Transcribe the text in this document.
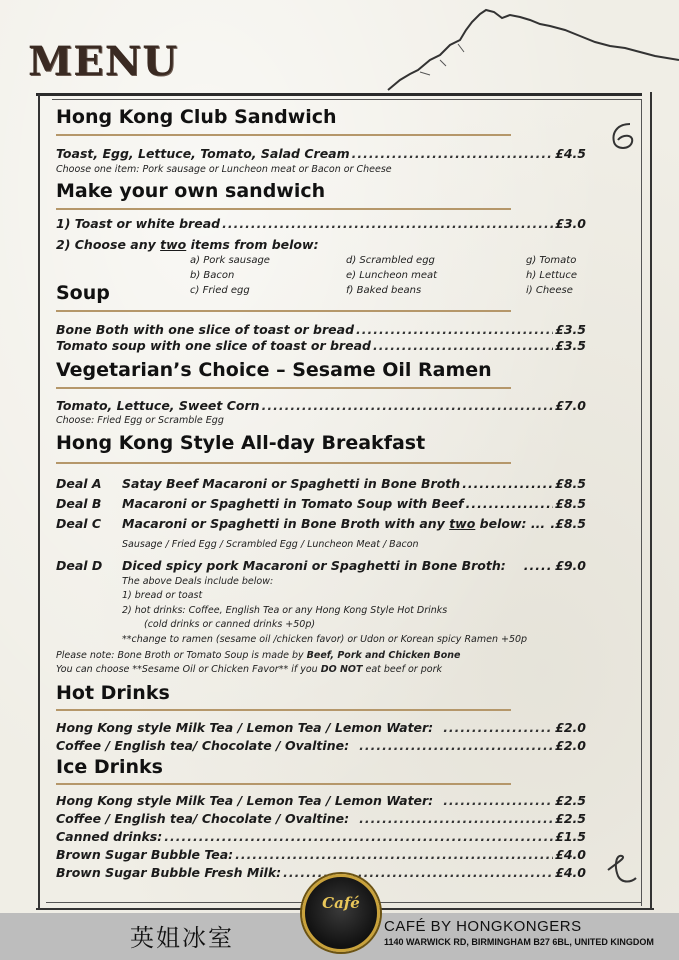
MENU
Hong Kong Club Sandwich
Toast, Egg, Lettuce, Tomato, Salad Cream .....	£4.5
Choose one item: Pork sausage or Luncheon meat or Bacon or Cheese
Make your own sandwich
1) Toast or white bread .....	£3.0
2) Choose any two items from below:
a) Pork sausage
b) Bacon
c) Fried egg
d) Scrambled egg
e) Luncheon meat
f) Baked beans
g) Tomato
h) Lettuce
i) Cheese
Soup
Bone Both with one slice of toast or bread .....	£3.5
Tomato soup with one slice of toast or bread .....	£3.5
Vegetarian’s Choice – Sesame Oil Ramen
Tomato, Lettuce, Sweet Corn .....	£7.0
Choose: Fried Egg or Scramble Egg
Hong Kong Style All-day Breakfast
Deal A	Satay Beef Macaroni or Spaghetti in Bone Broth .....	£8.5
Deal B	Macaroni or Spaghetti in Tomato Soup with Beef .....	£8.5
Deal C	Macaroni or Spaghetti in Bone Broth with any two below: ... .£8.5
Sausage / Fried Egg / Scrambled Egg / Luncheon Meat / Bacon
Deal D	Diced spicy pork Macaroni or Spaghetti in Bone Broth: .....	£9.0
The above Deals include below:
1) bread or toast
2) hot drinks: Coffee, English Tea or any Hong Kong Style Hot Drinks
(cold drinks or canned drinks +50p)
**change to ramen (sesame oil /chicken favor) or Udon or Korean spicy Ramen +50p
Please note: Bone Broth or Tomato Soup is made by Beef, Pork and Chicken Bone
You can choose **Sesame Oil or Chicken Favor** if you DO NOT eat beef or pork
Hot Drinks
Hong Kong style Milk Tea / Lemon Tea / Lemon Water: .....	£2.0
Coffee / English tea/ Chocolate / Ovaltine: .....	£2.0
Ice Drinks
Hong Kong style Milk Tea / Lemon Tea / Lemon Water: .....	£2.5
Coffee / English tea/ Chocolate / Ovaltine: .....	£2.5
Canned drinks: .....	£1.5
Brown Sugar Bubble Tea: .....	£4.0
Brown Sugar Bubble Fresh Milk: .....	£4.0
英姐冰室
Café
CAFÉ BY HONGKONGERS
1140 WARWICK RD, BIRMINGHAM B27 6BL, UNITED KINGDOM
